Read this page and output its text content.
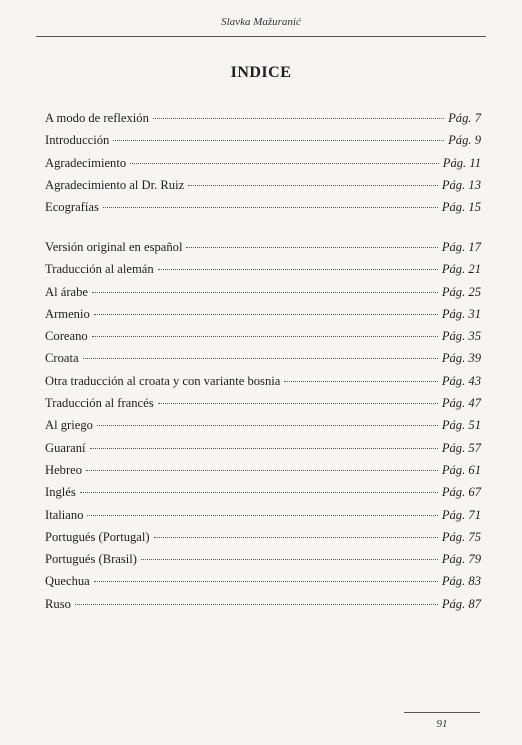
Slavka Mažuranić
INDICE
A modo de reflexión	Pág. 7
Introducción	Pág. 9
Agradecimiento	Pág. 11
Agradecimiento al Dr. Ruiz	Pág. 13
Ecografías	Pág. 15
Versión original en español	Pág. 17
Traducción al alemán	Pág. 21
Al árabe	Pág. 25
Armenio	Pág. 31
Coreano	Pág. 35
Croata	Pág. 39
Otra traducción al croata y con variante bosnia	Pág. 43
Traducción al francés	Pág. 47
Al griego	Pág. 51
Guaraní	Pág. 57
Hebreo	Pág. 61
Inglés	Pág. 67
Italiano	Pág. 71
Portugués (Portugal)	Pág. 75
Portugués (Brasil)	Pág. 79
Quechua	Pág. 83
Ruso	Pág. 87
91
